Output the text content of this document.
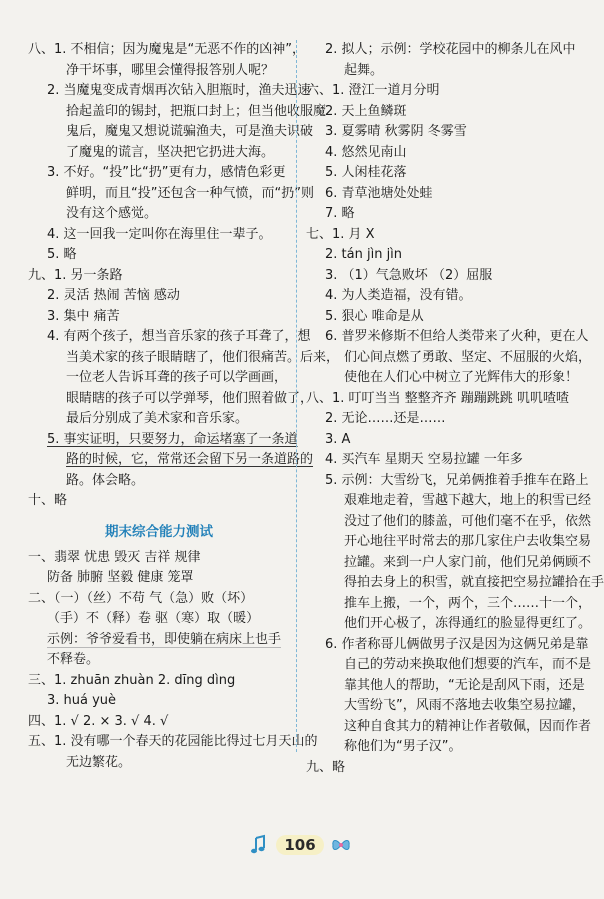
八、1. 不相信；因为魔鬼是“无恶不作的凶神”，
净干坏事，哪里会懂得报答别人呢？
2. 当魔鬼变成青烟再次钻入胆瓶时，渔夫迅速
拾起盖印的锡封，把瓶口封上；但当他收服魔
鬼后，魔鬼又想说谎骗渔夫，可是渔夫识破
了魔鬼的谎言，坚决把它扔进大海。
3. 不好。“投”比“扔”更有力，感情色彩更
鲜明，而且“投”还包含一种气愤，而“扔”则
没有这个感觉。
4. 这一回我一定叫你在海里住一辈子。
5. 略
九、1. 另一条路
2. 灵活 热闹 苦恼 感动
3. 集中 痛苦
4. 有两个孩子，想当音乐家的孩子耳聋了，想
当美术家的孩子眼睛瞎了，他们很痛苦。后来，
一位老人告诉耳聋的孩子可以学画画，
眼睛瞎的孩子可以学弹琴，他们照着做了，
最后分别成了美术家和音乐家。
5. 事实证明，只要努力，命运堵塞了一条道
路的时候，它，常常还会留下另一条道路的
路。体会略。
十、略
期末综合能力测试
一、翡翠 忧患 毁灭 吉祥 规律
防备 肺腑 坚毅 健康 笼罩
二、（一）（丝）不苟 气（急）败（坏）
（手）不（释）卷 驱（寒）取（暖）
示例：爷爷爱看书，即使躺在病床上也手
不释卷。
三、1. zhuān zhuàn 2. dīng dìng
3. huá yuè
四、1. √ 2. × 3. √ 4. √
五、1. 没有哪一个春天的花园能比得过七月天山的
无边繁花。
2. 拟人；示例：学校花园中的柳条儿在风中
起舞。
六、1. 澄江一道月分明
2. 天上鱼鳞斑
3. 夏雾晴 秋雾阴 冬雾雪
4. 悠然见南山
5. 人闲桂花落
6. 青草池塘处处蛙
7. 略
七、1. 月 X
2. tán jìn jìn
3. （1）气急败坏 （2）屈服
4. 为人类造福，没有错。
5. 狠心 唯命是从
6. 普罗米修斯不但给人类带来了火种，更在人
们心间点燃了勇敢、坚定、不屈服的火焰，
使他在人们心中树立了光辉伟大的形象！
八、1. 叮叮当当 整整齐齐 蹦蹦跳跳 叽叽喳喳
2. 无论……还是……
3. A
4. 买汽车 星期天 空易拉罐 一年多
5. 示例：大雪纷飞，兄弟俩推着手推车在路上
艰难地走着，雪越下越大，地上的积雪已经
没过了他们的膝盖，可他们毫不在乎，依然
开心地往平时常去的那几家住户去收集空易
拉罐。来到一户人家门前，他们兄弟俩顾不
得拍去身上的积雪，就直接把空易拉罐拾在手
推车上搬，一个，两个，三个……十一个，
他们开心极了，冻得通红的脸显得更红了。
6. 作者称哥儿俩做男子汉是因为这俩兄弟是靠
自己的劳动来换取他们想要的汽车，而不是
靠其他人的帮助，“无论是刮风下雨，还是
大雪纷飞”，风雨不落地去收集空易拉罐，
这种自食其力的精神让作者敬佩，因而作者
称他们为“男子汉”。
九、略
106
